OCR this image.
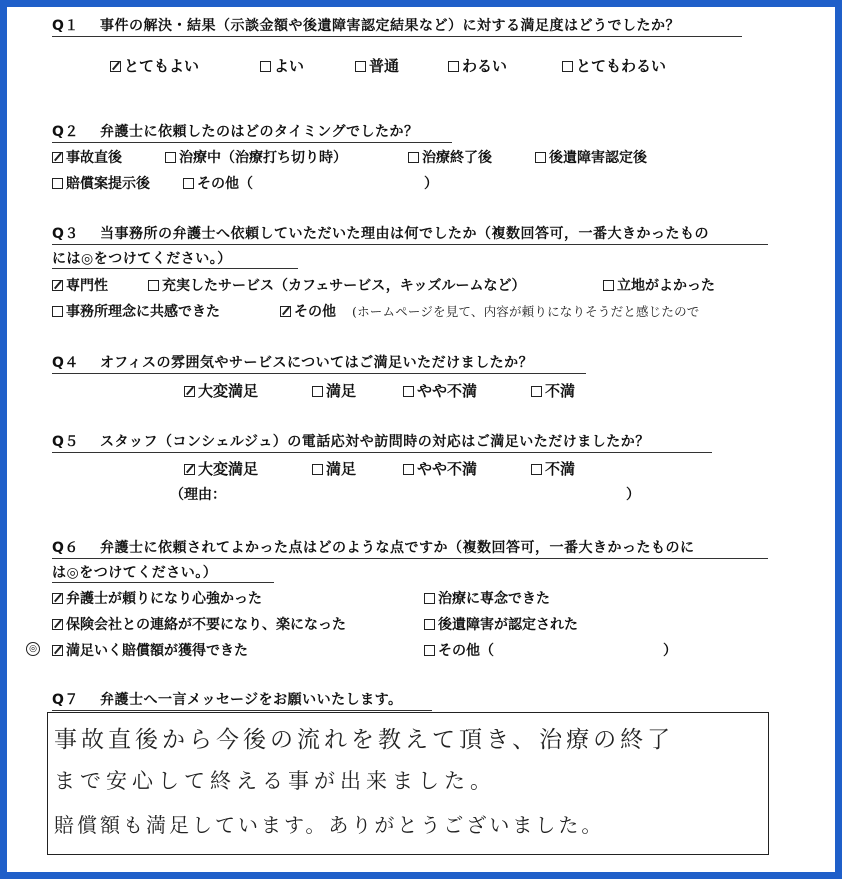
Q１ 事件の解決・結果（示談金額や後遺障害認定結果など）に対する満足度はどうでしたか？
とてもよい	よい	普通	わるい	とてもわるい
Q２ 弁護士に依頼したのはどのタイミングでしたか？
事故直後	治療中（治療打ち切り時）	治療終了後	後遺障害認定後
賠償案提示後	その他（	）
Q３ 当事務所の弁護士へ依頼していただいた理由は何でしたか（複数回答可，一番大きかったもの
には◎をつけてください。）
専門性	充実したサービス（カフェサービス，キッズルームなど）	立地がよかった
事務所理念に共感できた	その他 (ホームページを見て、内容が頼りになりそうだと感じたので
Q４ オフィスの雰囲気やサービスについてはご満足いただけましたか？
大変満足	満足	やや不満	不満
Q５ スタッフ（コンシェルジュ）の電話応対や訪問時の対応はご満足いただけましたか？
大変満足	満足	やや不満	不満
（理由：	）
Q６ 弁護士に依頼されてよかった点はどのような点ですか（複数回答可，一番大きかったものに
は◎をつけてください。）
弁護士が頼りになり心強かった	治療に専念できた
保険会社との連絡が不要になり、楽になった	後遺障害が認定された
◎	満足いく賠償額が獲得できた	その他（	）
Q７ 弁護士へ一言メッセージをお願いいたします。
事故直後から今後の流れを教えて頂き、治療の終了
まで安心して終える事が出来ました。
賠償額も満足しています。ありがとうございました。
